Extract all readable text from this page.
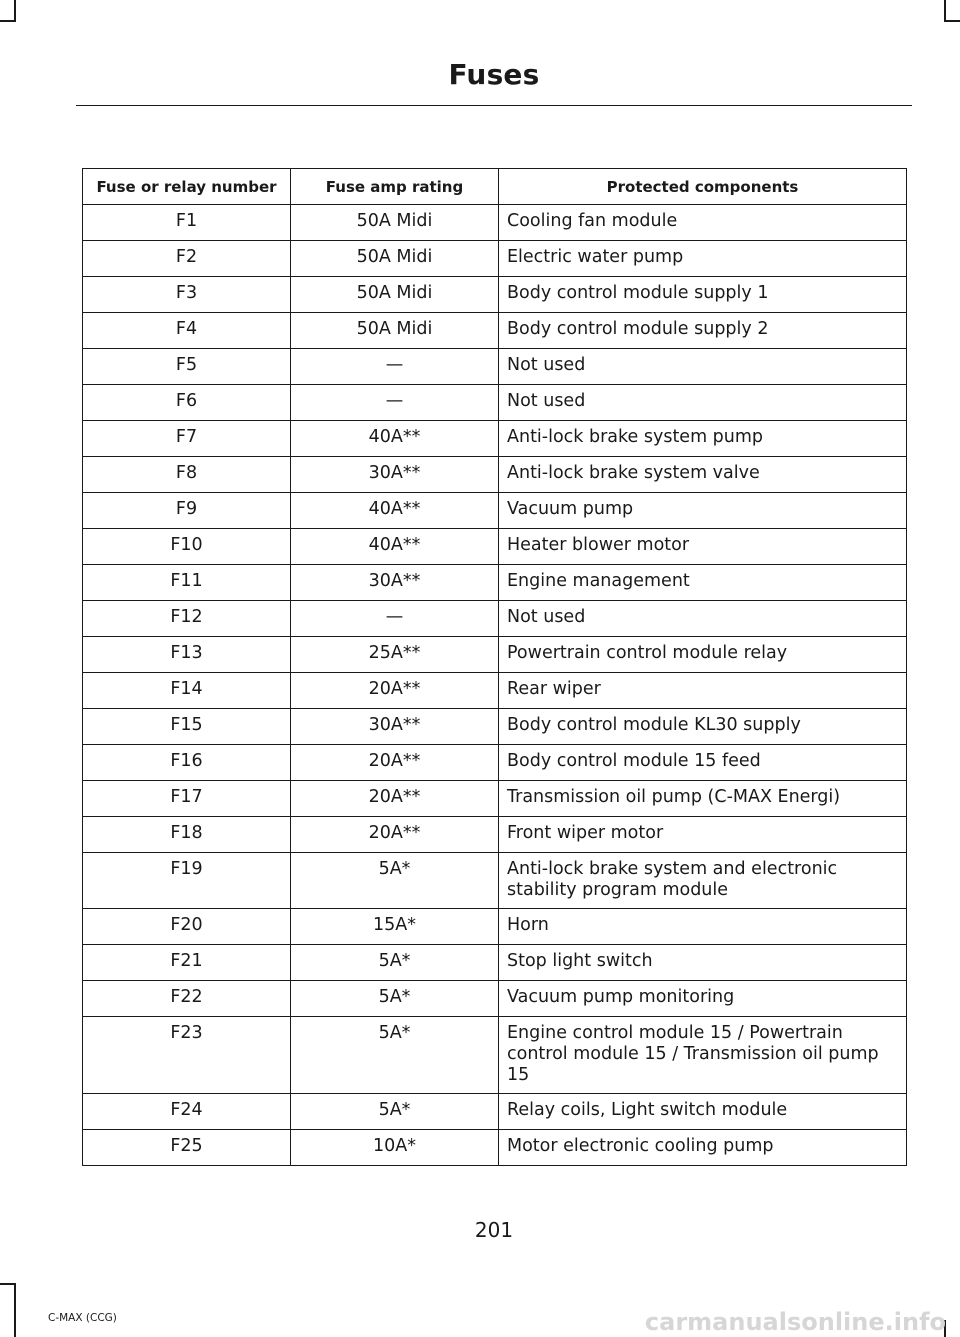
Fuses
Fuse or relay number	Fuse amp rating	Protected components
F1	50A Midi	Cooling fan module
F2	50A Midi	Electric water pump
F3	50A Midi	Body control module supply 1
F4	50A Midi	Body control module supply 2
F5	—	Not used
F6	—	Not used
F7	40A**	Anti-lock brake system pump
F8	30A**	Anti-lock brake system valve
F9	40A**	Vacuum pump
F10	40A**	Heater blower motor
F11	30A**	Engine management
F12	—	Not used
F13	25A**	Powertrain control module relay
F14	20A**	Rear wiper
F15	30A**	Body control module KL30 supply
F16	20A**	Body control module 15 feed
F17	20A**	Transmission oil pump (C-MAX Energi)
F18	20A**	Front wiper motor
F19	5A*	Anti-lock brake system and electronic stability program module
F20	15A*	Horn
F21	5A*	Stop light switch
F22	5A*	Vacuum pump monitoring
F23	5A*	Engine control module 15 / Powertrain control module 15 / Transmission oil pump 15
F24	5A*	Relay coils, Light switch module
F25	10A*	Motor electronic cooling pump
201
C-MAX (CCG)	carmanualsonline.info
